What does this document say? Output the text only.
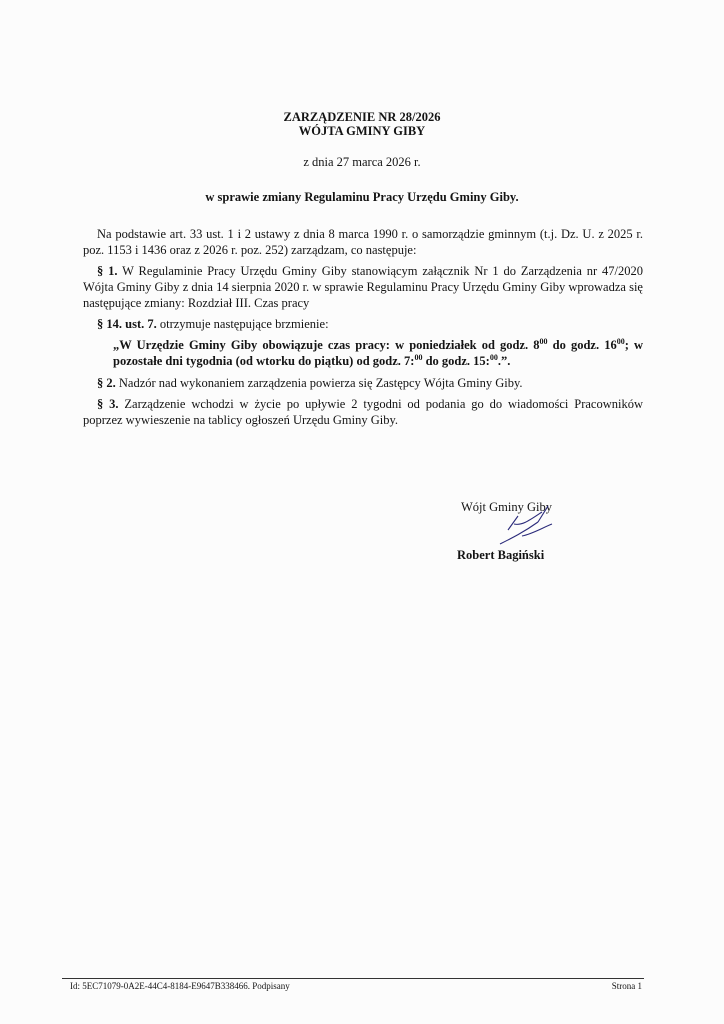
ZARZĄDZENIE NR 28/2026
WÓJTA GMINY GIBY
z dnia 27 marca 2026 r.
w sprawie zmiany Regulaminu Pracy Urzędu Gminy Giby.

Na podstawie art. 33 ust. 1 i 2 ustawy z dnia 8 marca 1990 r. o samorządzie gminnym (t.j. Dz. U. z 2025 r. poz. 1153 i 1436 oraz z 2026 r. poz. 252) zarządzam, co następuje:

§ 1. W Regulaminie Pracy Urzędu Gminy Giby stanowiącym załącznik Nr 1 do Zarządzenia nr 47/2020 Wójta Gminy Giby z dnia 14 sierpnia 2020 r. w sprawie Regulaminu Pracy Urzędu Gminy Giby wprowadza się następujące zmiany: Rozdział III. Czas pracy

§ 14. ust. 7. otrzymuje następujące brzmienie:

„W Urzędzie Gminy Giby obowiązuje czas pracy: w poniedziałek od godz. $8^{00}$ do godz. $16^{00}$; w pozostałe dni tygodnia (od wtorku do piątku) od godz. 7:$^{00}$ do godz. 15:$^{00}$.”.

§ 2. Nadzór nad wykonaniem zarządzenia powierza się Zastępcy Wójta Gminy Giby.

§ 3. Zarządzenie wchodzi w życie po upływie 2 tygodni od podania go do wiadomości Pracowników poprzez wywieszenie na tablicy ogłoszeń Urzędu Gminy Giby.

Wójt Gminy Giby
Robert Bagiński
Id: 5EC71079-0A2E-44C4-8184-E9647B338466. Podpisany	Strona 1
